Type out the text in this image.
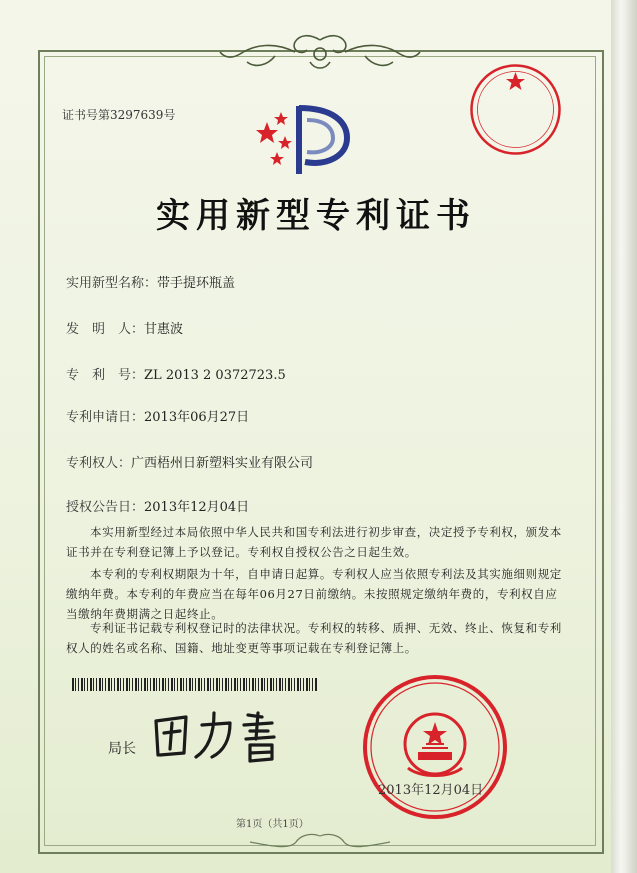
证书号第3297639号
实用新型专利证书
实用新型名称：带手提环瓶盖
发　明　人：甘惠波
专　利　号：ZL 2013 2 0372723.5
专利申请日：2013年06月27日
专利权人：广西梧州日新塑料实业有限公司
授权公告日：2013年12月04日
本实用新型经过本局依照中华人民共和国专利法进行初步审查，决定授予专利权，颁发本证书并在专利登记簿上予以登记。专利权自授权公告之日起生效。
本专利的专利权期限为十年，自申请日起算。专利权人应当依照专利法及其实施细则规定缴纳年费。本专利的年费应当在每年06月27日前缴纳。未按照规定缴纳年费的，专利权自应当缴纳年费期满之日起终止。
专利证书记载专利权登记时的法律状况。专利权的转移、质押、无效、终止、恢复和专利权人的姓名或名称、国籍、地址变更等事项记载在专利登记簿上。
局长
2013年12月04日
第1页（共1页）
